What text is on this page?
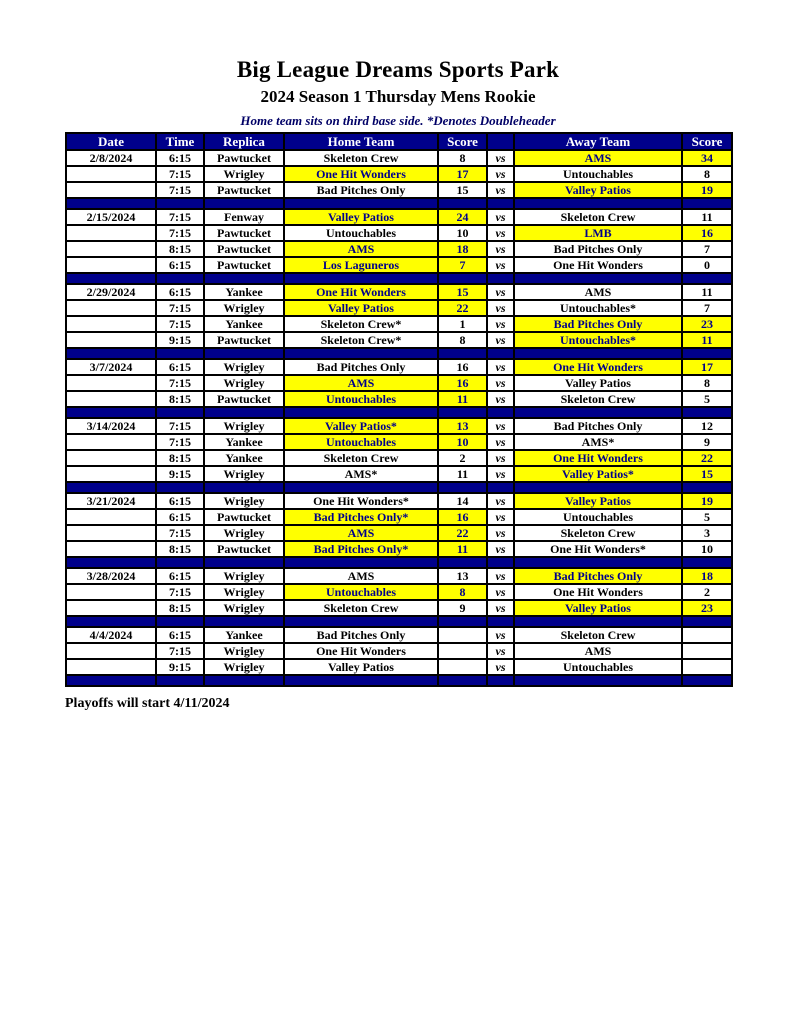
Big League Dreams Sports Park
2024 Season 1 Thursday Mens Rookie
Home team sits on third base side. *Denotes Doubleheader
Date	Time	Replica	Home Team	Score		Away Team	Score
2/8/2024	6:15	Pawtucket	Skeleton Crew	8	vs	AMS	34
	7:15	Wrigley	One Hit Wonders	17	vs	Untouchables	8
	7:15	Pawtucket	Bad Pitches Only	15	vs	Valley Patios	19

2/15/2024	7:15	Fenway	Valley Patios	24	vs	Skeleton Crew	11
	7:15	Pawtucket	Untouchables	10	vs	LMB	16
	8:15	Pawtucket	AMS	18	vs	Bad Pitches Only	7
	6:15	Pawtucket	Los Laguneros	7	vs	One Hit Wonders	0

2/29/2024	6:15	Yankee	One Hit Wonders	15	vs	AMS	11
	7:15	Wrigley	Valley Patios	22	vs	Untouchables*	7
	7:15	Yankee	Skeleton Crew*	1	vs	Bad Pitches Only	23
	9:15	Pawtucket	Skeleton Crew*	8	vs	Untouchables*	11

3/7/2024	6:15	Wrigley	Bad Pitches Only	16	vs	One Hit Wonders	17
	7:15	Wrigley	AMS	16	vs	Valley Patios	8
	8:15	Pawtucket	Untouchables	11	vs	Skeleton Crew	5

3/14/2024	7:15	Wrigley	Valley Patios*	13	vs	Bad Pitches Only	12
	7:15	Yankee	Untouchables	10	vs	AMS*	9
	8:15	Yankee	Skeleton Crew	2	vs	One Hit Wonders	22
	9:15	Wrigley	AMS*	11	vs	Valley Patios*	15

3/21/2024	6:15	Wrigley	One Hit Wonders*	14	vs	Valley Patios	19
	6:15	Pawtucket	Bad Pitches Only*	16	vs	Untouchables	5
	7:15	Wrigley	AMS	22	vs	Skeleton Crew	3
	8:15	Pawtucket	Bad Pitches Only*	11	vs	One Hit Wonders*	10

3/28/2024	6:15	Wrigley	AMS	13	vs	Bad Pitches Only	18
	7:15	Wrigley	Untouchables	8	vs	One Hit Wonders	2
	8:15	Wrigley	Skeleton Crew	9	vs	Valley Patios	23

4/4/2024	6:15	Yankee	Bad Pitches Only		vs	Skeleton Crew	
	7:15	Wrigley	One Hit Wonders		vs	AMS	
	9:15	Wrigley	Valley Patios		vs	Untouchables	

Playoffs will start 4/11/2024
